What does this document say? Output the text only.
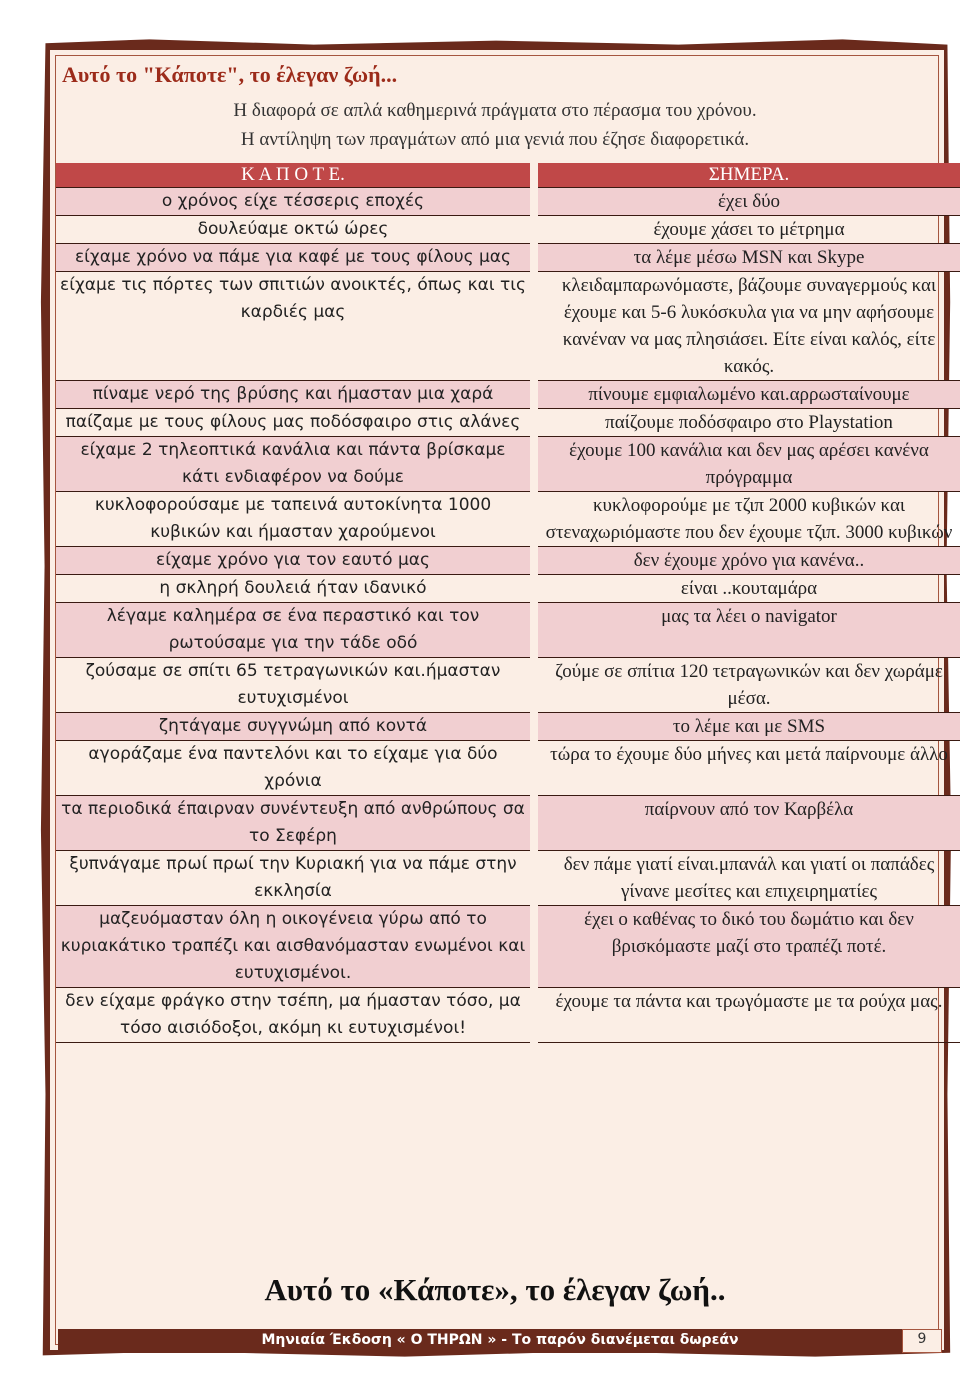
Αυτό το "Κάποτε", το έλεγαν ζωή...
Η διαφορά σε απλά καθημερινά πράγματα στο πέρασμα του χρόνου.
Η αντίληψη των πραγμάτων από μια γενιά που έζησε διαφορετικά.
Κ Α Π Ο Τ Ε.		ΣΗΜΕΡΑ.
ο χρόνος είχε τέσσερις εποχές		έχει δύο
δουλεύαμε οκτώ ώρες		έχουμε χάσει το μέτρημα
είχαμε χρόνο να πάμε για καφέ με τους φίλους μας		τα λέμε μέσω MSN και Skype
είχαμε τις πόρτες των σπιτιών ανοικτές, όπως και τις καρδιές μας		κλειδαμπαρωνόμαστε, βάζουμε συναγερμούς και έχουμε και 5-6 λυκόσκυλα για να μην αφήσουμε κανέναν να μας πλησιάσει. Είτε είναι καλός, είτε κακός.
πίναμε νερό της βρύσης και ήμασταν μια χαρά		πίνουμε εμφιαλωμένο και.αρρωσταίνουμε
παίζαμε με τους φίλους μας ποδόσφαιρο στις αλάνες		παίζουμε ποδόσφαιρο στο Playstation
είχαμε 2 τηλεοπτικά κανάλια και πάντα βρίσκαμε κάτι ενδιαφέρον να δούμε		έχουμε 100 κανάλια και δεν μας αρέσει κανένα πρόγραμμα
κυκλοφορούσαμε με ταπεινά αυτοκίνητα 1000 κυβικών και ήμασταν χαρούμενοι		κυκλοφορούμε με τζιπ 2000 κυβικών και στεναχωριόμαστε που δεν έχουμε τζιπ. 3000 κυβικών
είχαμε χρόνο για τον εαυτό μας		δεν έχουμε χρόνο για κανένα..
η σκληρή δουλειά ήταν ιδανικό		είναι ..κουταμάρα
λέγαμε καλημέρα σε ένα περαστικό και τον ρωτούσαμε για την τάδε οδό		μας τα λέει ο navigator
ζούσαμε σε σπίτι 65 τετραγωνικών και.ήμασταν ευτυχισμένοι		ζούμε σε σπίτια 120 τετραγωνικών και δεν χωράμε μέσα.
ζητάγαμε συγγνώμη από κοντά		το λέμε και με SMS
αγοράζαμε ένα παντελόνι και το είχαμε για δύο χρόνια		τώρα το έχουμε δύο μήνες και μετά παίρνουμε άλλο
τα περιοδικά έπαιρναν συνέντευξη από ανθρώπους σα το Σεφέρη		παίρνουν από τον Καρβέλα
ξυπνάγαμε πρωί πρωί την Κυριακή για να πάμε στην εκκλησία		δεν πάμε γιατί είναι.μπανάλ και γιατί οι παπάδες γίνανε μεσίτες και επιχειρηματίες
μαζευόμασταν όλη η οικογένεια γύρω από το κυριακάτικο τραπέζι και αισθανόμασταν ενωμένοι και ευτυχισμένοι.		έχει ο καθένας το δικό του δωμάτιο και δεν βρισκόμαστε μαζί στο τραπέζι ποτέ.
δεν είχαμε φράγκο στην τσέπη, μα ήμασταν τόσο, μα τόσο αισιόδοξοι, ακόμη κι ευτυχισμένοι!		έχουμε τα πάντα και τρωγόμαστε με τα ρούχα μας.
Αυτό το «Κάποτε», το έλεγαν ζωή..
Μηνιαία Έκδοση « Ο ΤΗΡΩΝ » - Το παρόν διανέμεται δωρεάν	9
